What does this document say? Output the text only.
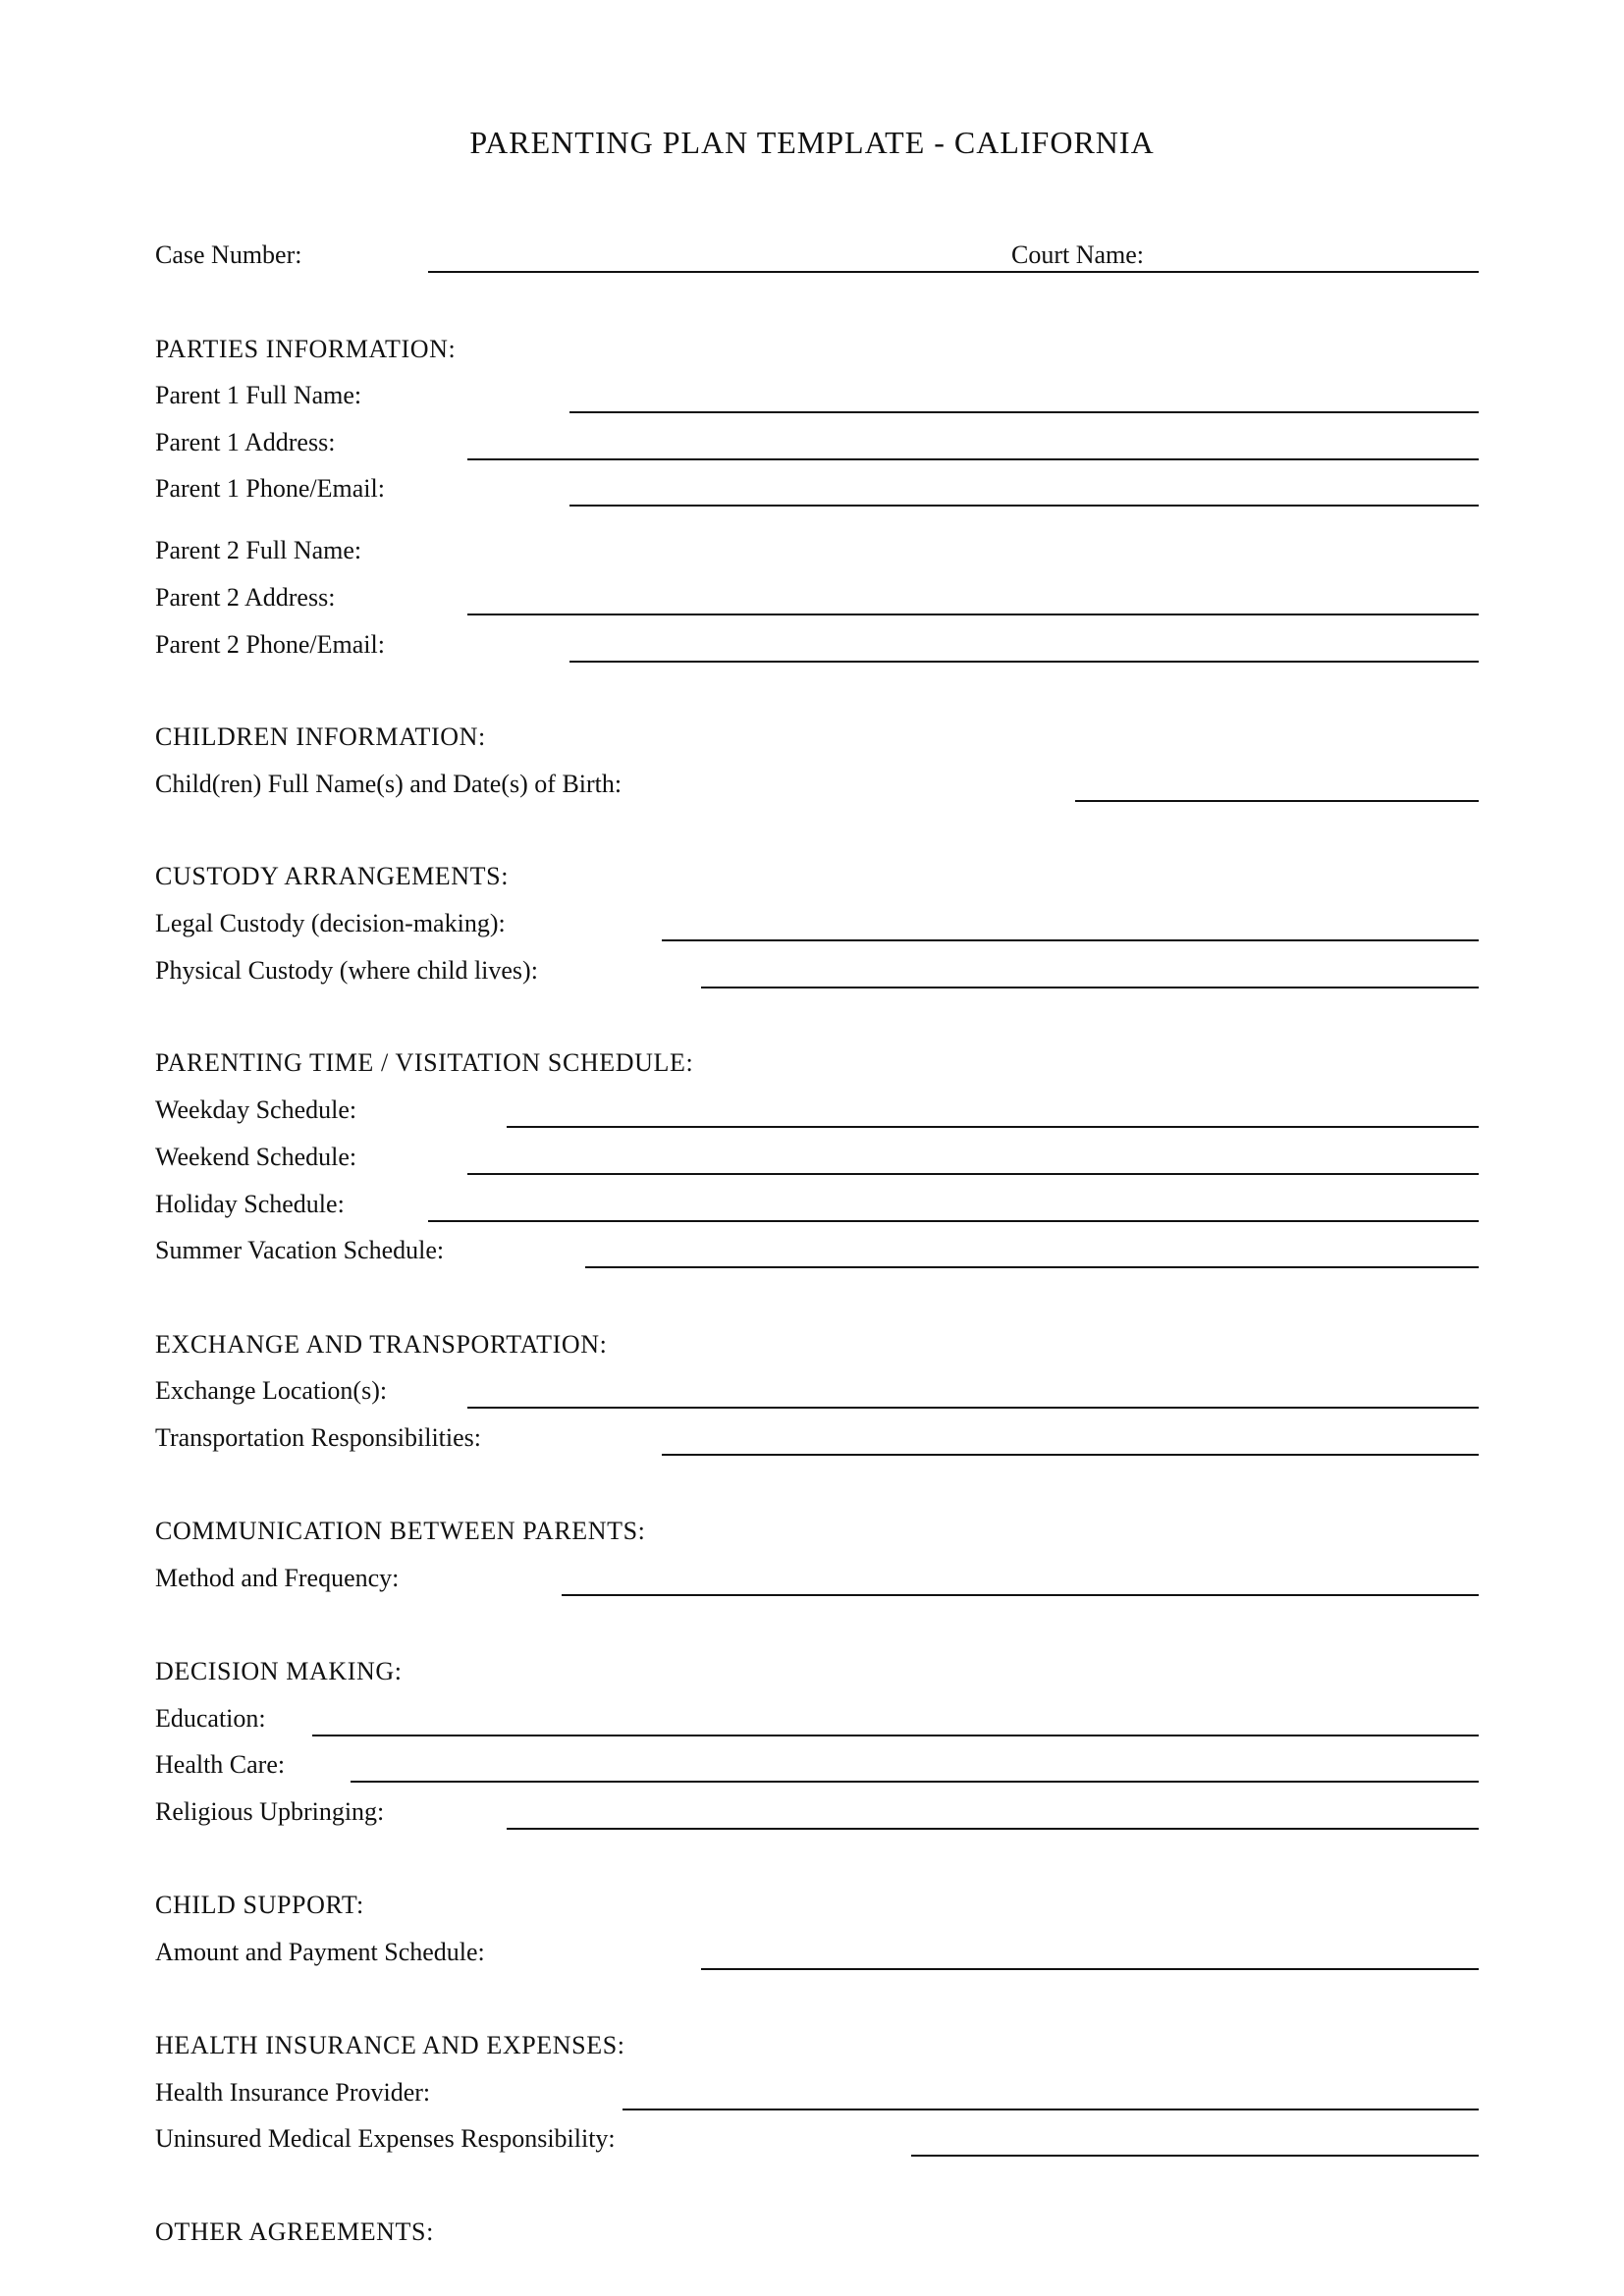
PARENTING PLAN TEMPLATE - CALIFORNIA
Case Number:	Court Name:
PARTIES INFORMATION:
Parent 1 Full Name:
Parent 1 Address:
Parent 1 Phone/Email:
Parent 2 Full Name:
Parent 2 Address:
Parent 2 Phone/Email:
CHILDREN INFORMATION:
Child(ren) Full Name(s) and Date(s) of Birth:
CUSTODY ARRANGEMENTS:
Legal Custody (decision-making):
Physical Custody (where child lives):
PARENTING TIME / VISITATION SCHEDULE:
Weekday Schedule:
Weekend Schedule:
Holiday Schedule:
Summer Vacation Schedule:
EXCHANGE AND TRANSPORTATION:
Exchange Location(s):
Transportation Responsibilities:
COMMUNICATION BETWEEN PARENTS:
Method and Frequency:
DECISION MAKING:
Education:
Health Care:
Religious Upbringing:
CHILD SUPPORT:
Amount and Payment Schedule:
HEALTH INSURANCE AND EXPENSES:
Health Insurance Provider:
Uninsured Medical Expenses Responsibility:
OTHER AGREEMENTS:
